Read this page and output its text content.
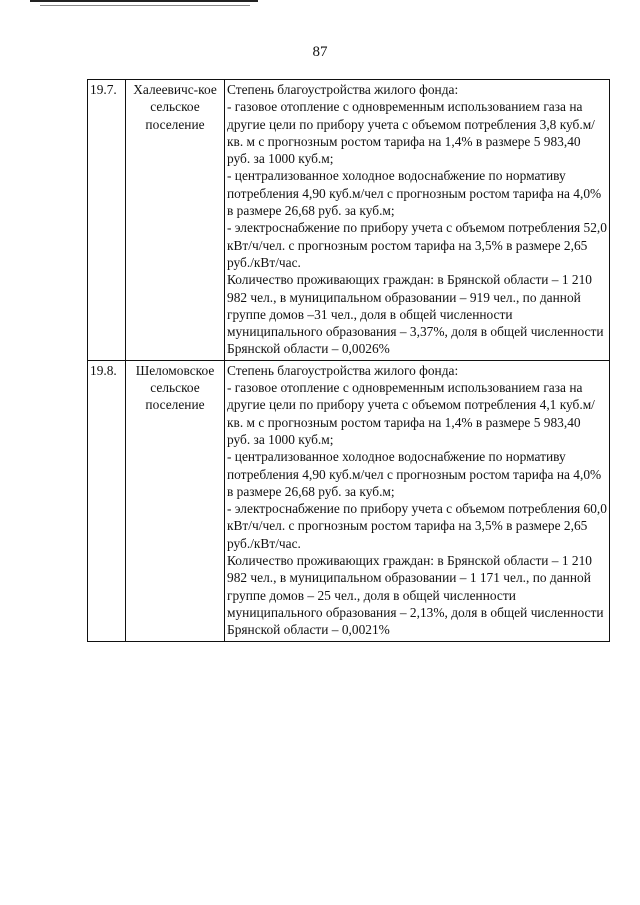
87
19.7.	Халеевичс-кое сельское поселение	Степень благоустройства жилого фонда:
- газовое отопление с одновременным использованием газа на другие цели по прибору учета с объемом потребления 3,8 куб.м/кв. м с прогнозным ростом тарифа на 1,4% в размере 5 983,40 руб. за 1000 куб.м;
- централизованное холодное водоснабжение по нормативу потребления 4,90 куб.м/чел с прогнозным ростом тарифа на 4,0% в размере 26,68 руб. за куб.м;
- электроснабжение по прибору учета с объемом потребления 52,0 кВт/ч/чел. с прогнозным ростом тарифа на 3,5% в размере 2,65 руб./кВт/час.
Количество проживающих граждан: в Брянской области – 1 210 982 чел., в муниципальном образовании – 919 чел., по данной группе домов –31 чел., доля в общей численности муниципального образования – 3,37%, доля в общей численности Брянской области – 0,0026%

19.8.	Шеломовское сельское поселение	Степень благоустройства жилого фонда:
- газовое отопление с одновременным использованием газа на другие цели по прибору учета с объемом потребления 4,1 куб.м/кв. м с прогнозным ростом тарифа на 1,4% в размере 5 983,40 руб. за 1000 куб.м;
- централизованное холодное водоснабжение по нормативу потребления 4,90 куб.м/чел с прогнозным ростом тарифа на 4,0% в размере 26,68 руб. за куб.м;
- электроснабжение по прибору учета с объемом потребления 60,0 кВт/ч/чел. с прогнозным ростом тарифа на 3,5% в размере 2,65 руб./кВт/час.
Количество проживающих граждан: в Брянской области – 1 210 982 чел., в муниципальном образовании – 1 171 чел., по данной группе домов – 25 чел., доля в общей численности муниципального образования – 2,13%, доля в общей численности Брянской области – 0,0021%
